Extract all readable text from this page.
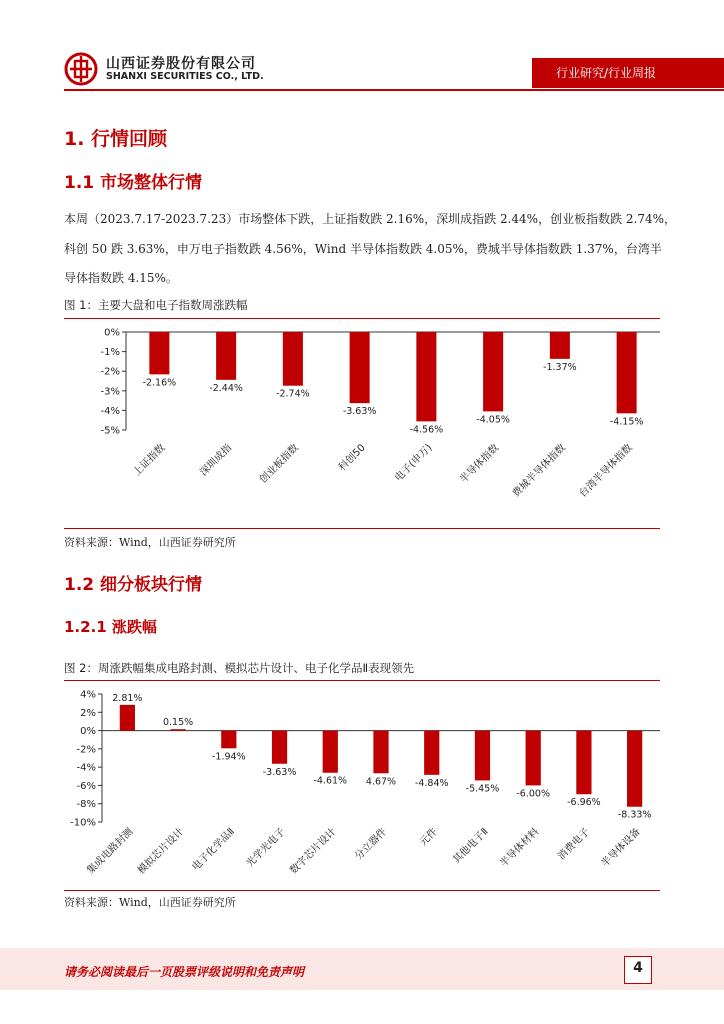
山西证券股份有限公司
SHANXI SECURITIES CO., LTD.	行业研究/行业周报
1. 行情回顾
1.1 市场整体行情
本周（2023.7.17-2023.7.23）市场整体下跌，上证指数跌 2.16%，深圳成指跌 2.44%，创业板指数跌 2.74%，
科创 50 跌 3.63%，申万电子指数跌 4.56%，Wind 半导体指数跌 4.05%，费城半导体指数跌 1.37%，台湾半
导体指数跌 4.15%。
图 1：主要大盘和电子指数周涨跌幅
0%
-1%
-2%
-3%
-4%
-5%
-2.16%
上证指数
-2.44%
深圳成指
-2.74%
创业板指数
-3.63%
科创50
-4.56%
电子(申万)
-4.05%
半导体指数
-1.37%
费城半导体指数
-4.15%
台湾半导体指数
资料来源：Wind，山西证券研究所
1.2 细分板块行情
1.2.1 涨跌幅
图 2：周涨跌幅集成电路封测、模拟芯片设计、电子化学品Ⅱ表现领先
4%
2%
0%
-2%
-4%
-6%
-8%
-10%
2.81%
集成电路封测
0.15%
模拟芯片设计
-1.94%
电子化学品Ⅱ
-3.63%
光学光电子
-4.61%
数字芯片设计
4.67%
分立器件
-4.84%
元件
-5.45%
其他电子Ⅱ
-6.00%
半导体材料
-6.96%
消费电子
-8.33%
半导体设备
资料来源：Wind，山西证券研究所
请务必阅读最后一页股票评级说明和免责声明	4
